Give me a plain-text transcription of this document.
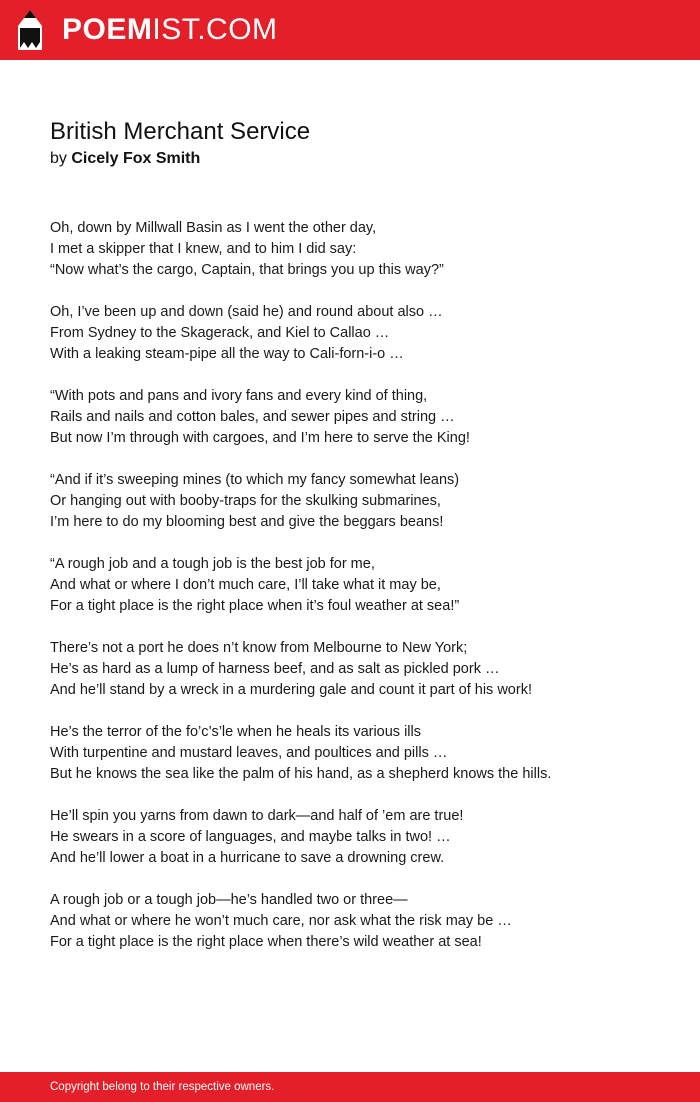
POEMIST.COM
British Merchant Service
by Cicely Fox Smith
Oh, down by Millwall Basin as I went the other day,
I met a skipper that I knew, and to him I did say:
“Now what’s the cargo, Captain, that brings you up this way?”
Oh, I’ve been up and down (said he) and round about also …
From Sydney to the Skagerack, and Kiel to Callao …
With a leaking steam-pipe all the way to Cali-forn-i-o …
“With pots and pans and ivory fans and every kind of thing,
Rails and nails and cotton bales, and sewer pipes and string …
But now I’m through with cargoes, and I’m here to serve the King!
“And if it’s sweeping mines (to which my fancy somewhat leans)
Or hanging out with booby-traps for the skulking submarines,
I’m here to do my blooming best and give the beggars beans!
“A rough job and a tough job is the best job for me,
And what or where I don’t much care, I’ll take what it may be,
For a tight place is the right place when it’s foul weather at sea!”
There’s not a port he does n’t know from Melbourne to New York;
He’s as hard as a lump of harness beef, and as salt as pickled pork …
And he’ll stand by a wreck in a murdering gale and count it part of his work!
He’s the terror of the fo’c’s’le when he heals its various ills
With turpentine and mustard leaves, and poultices and pills …
But he knows the sea like the palm of his hand, as a shepherd knows the hills.
He’ll spin you yarns from dawn to dark—and half of ’em are true!
He swears in a score of languages, and maybe talks in two! …
And he’ll lower a boat in a hurricane to save a drowning crew.
A rough job or a tough job—he’s handled two or three—
And what or where he won’t much care, nor ask what the risk may be …
For a tight place is the right place when there’s wild weather at sea!
Copyright belong to their respective owners.
